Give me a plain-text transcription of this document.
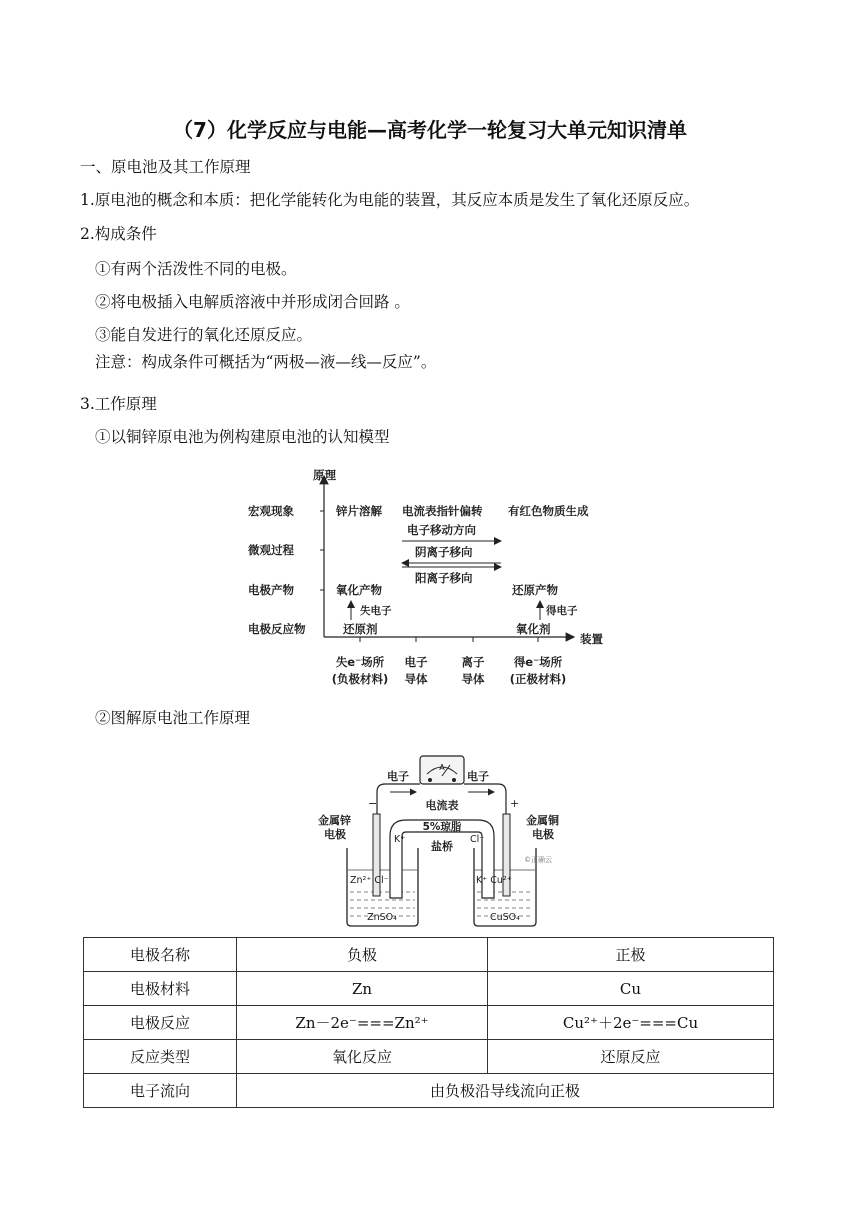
（7）化学反应与电能—高考化学一轮复习大单元知识清单
一、原电池及其工作原理
1.原电池的概念和本质：把化学能转化为电能的装置，其反应本质是发生了氧化还原反应。
2.构成条件
①有两个活泼性不同的电极。
②将电极插入电解质溶液中并形成闭合回路 。
③能自发进行的氧化还原反应。
注意：构成条件可概括为“两极—液—线—反应”。
3.工作原理
①以铜锌原电池为例构建原电池的认知模型
原理
装置
宏观现象
微观过程
电极产物
电极反应物
锌片溶解 电流表指针偏转 有红色物质生成
电子移动方向
阴离子移向
阳离子移向
氧化产物
失电子
还原剂
还原产物
得电子
氧化剂
失e⁻场所
(负极材料)
电子
导体
离子
导体
得e⁻场所
(正极材料)
②图解原电池工作原理
A
电子	电子
电流表
−	+
金属锌
电极
金属铜
电极
5%琼脂
盐桥
K⁺	Cl⁻
Zn²⁺ Cl⁻	K⁺ Cu²⁺
ZnSO₄	CuSO₄
©正确云
电极名称	负极	正极
电极材料	Zn	Cu
电极反应	Zn－2e⁻===Zn²⁺	Cu²⁺＋2e⁻===Cu
反应类型	氧化反应	还原反应
电子流向	由负极沿导线流向正极	
